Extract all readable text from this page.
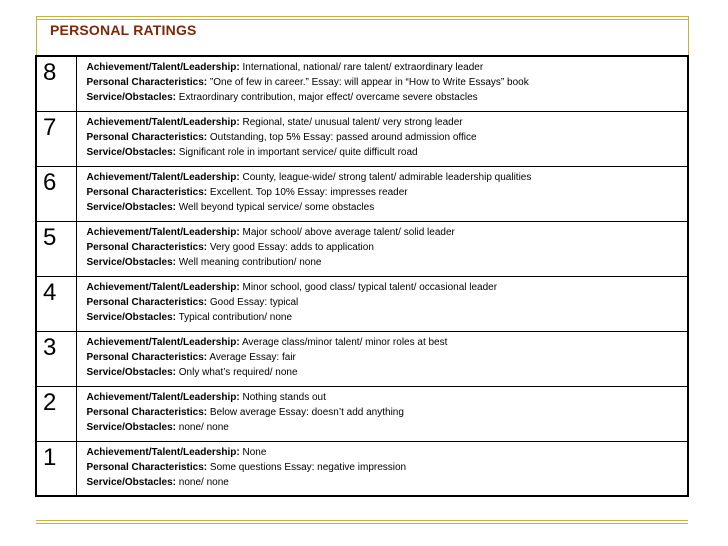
PERSONAL RATINGS
8	Achievement/Talent/Leadership: International, national/ rare talent/ extraordinary leader
Personal Characteristics: ”One of few in career.” Essay: will appear in “How to Write Essays” book
Service/Obstacles: Extraordinary contribution, major effect/ overcame severe obstacles

7	Achievement/Talent/Leadership: Regional, state/ unusual talent/ very strong leader
Personal Characteristics: Outstanding, top 5% Essay: passed around admission office
Service/Obstacles: Significant role in important service/ quite difficult road

6	Achievement/Talent/Leadership: County, league-wide/ strong talent/ admirable leadership qualities
Personal Characteristics: Excellent. Top 10% Essay: impresses reader
Service/Obstacles: Well beyond typical service/ some obstacles

5	Achievement/Talent/Leadership: Major school/ above average talent/ solid leader
Personal Characteristics: Very good Essay: adds to application
Service/Obstacles: Well meaning contribution/ none

4	Achievement/Talent/Leadership: Minor school, good class/ typical talent/ occasional leader
Personal Characteristics: Good Essay: typical
Service/Obstacles: Typical contribution/ none

3	Achievement/Talent/Leadership: Average class/minor talent/ minor roles at best
Personal Characteristics: Average Essay: fair
Service/Obstacles: Only what’s required/ none

2	Achievement/Talent/Leadership: Nothing stands out
Personal Characteristics: Below average Essay: doesn’t add anything
Service/Obstacles: none/ none

1	Achievement/Talent/Leadership: None
Personal Characteristics: Some questions Essay: negative impression
Service/Obstacles: none/ none
